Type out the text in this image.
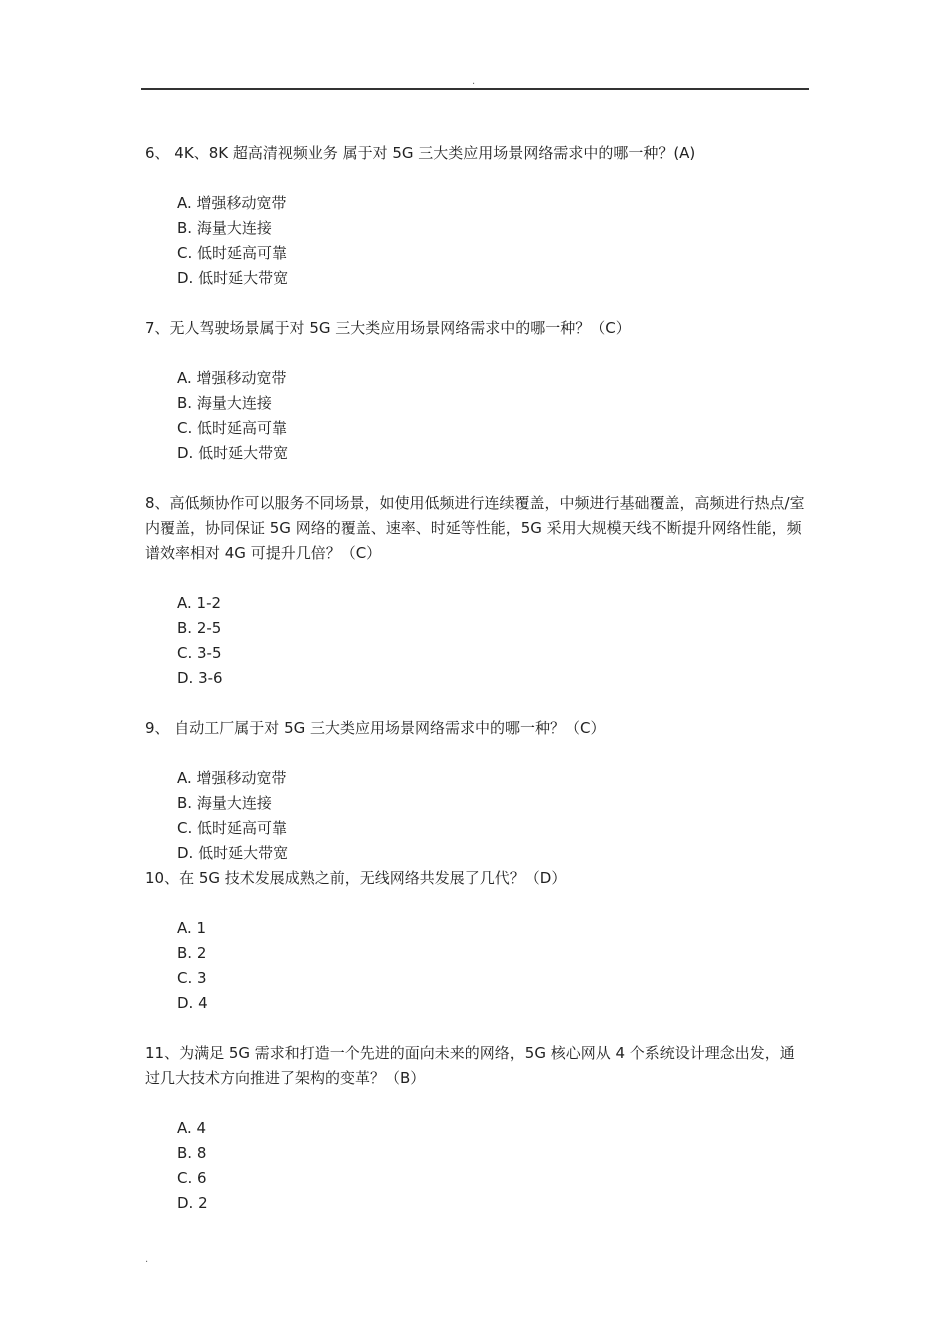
.

6、 4K、8K 超高清视频业务 属于对 5G 三大类应用场景网络需求中的哪一种？(A)

A. 增强移动宽带
B. 海量大连接
C. 低时延高可靠
D. 低时延大带宽

7、无人驾驶场景属于对 5G 三大类应用场景网络需求中的哪一种？（C）

A. 增强移动宽带
B. 海量大连接
C. 低时延高可靠
D. 低时延大带宽

8、高低频协作可以服务不同场景，如使用低频进行连续覆盖，中频进行基础覆盖，高频进行热点/室内覆盖，协同保证 5G 网络的覆盖、速率、时延等性能，5G 采用大规模天线不断提升网络性能，频谱效率相对 4G 可提升几倍？（C）

A. 1-2
B. 2-5
C. 3-5
D. 3-6

9、 自动工厂属于对 5G 三大类应用场景网络需求中的哪一种？（C）

A. 增强移动宽带
B. 海量大连接
C. 低时延高可靠
D. 低时延大带宽

10、在 5G 技术发展成熟之前，无线网络共发展了几代？（D）

A. 1
B. 2
C. 3
D. 4

11、为满足 5G 需求和打造一个先进的面向未来的网络，5G 核心网从 4 个系统设计理念出发，通过几大技术方向推进了架构的变革？（B）

A. 4
B. 8
C. 6
D. 2
.
